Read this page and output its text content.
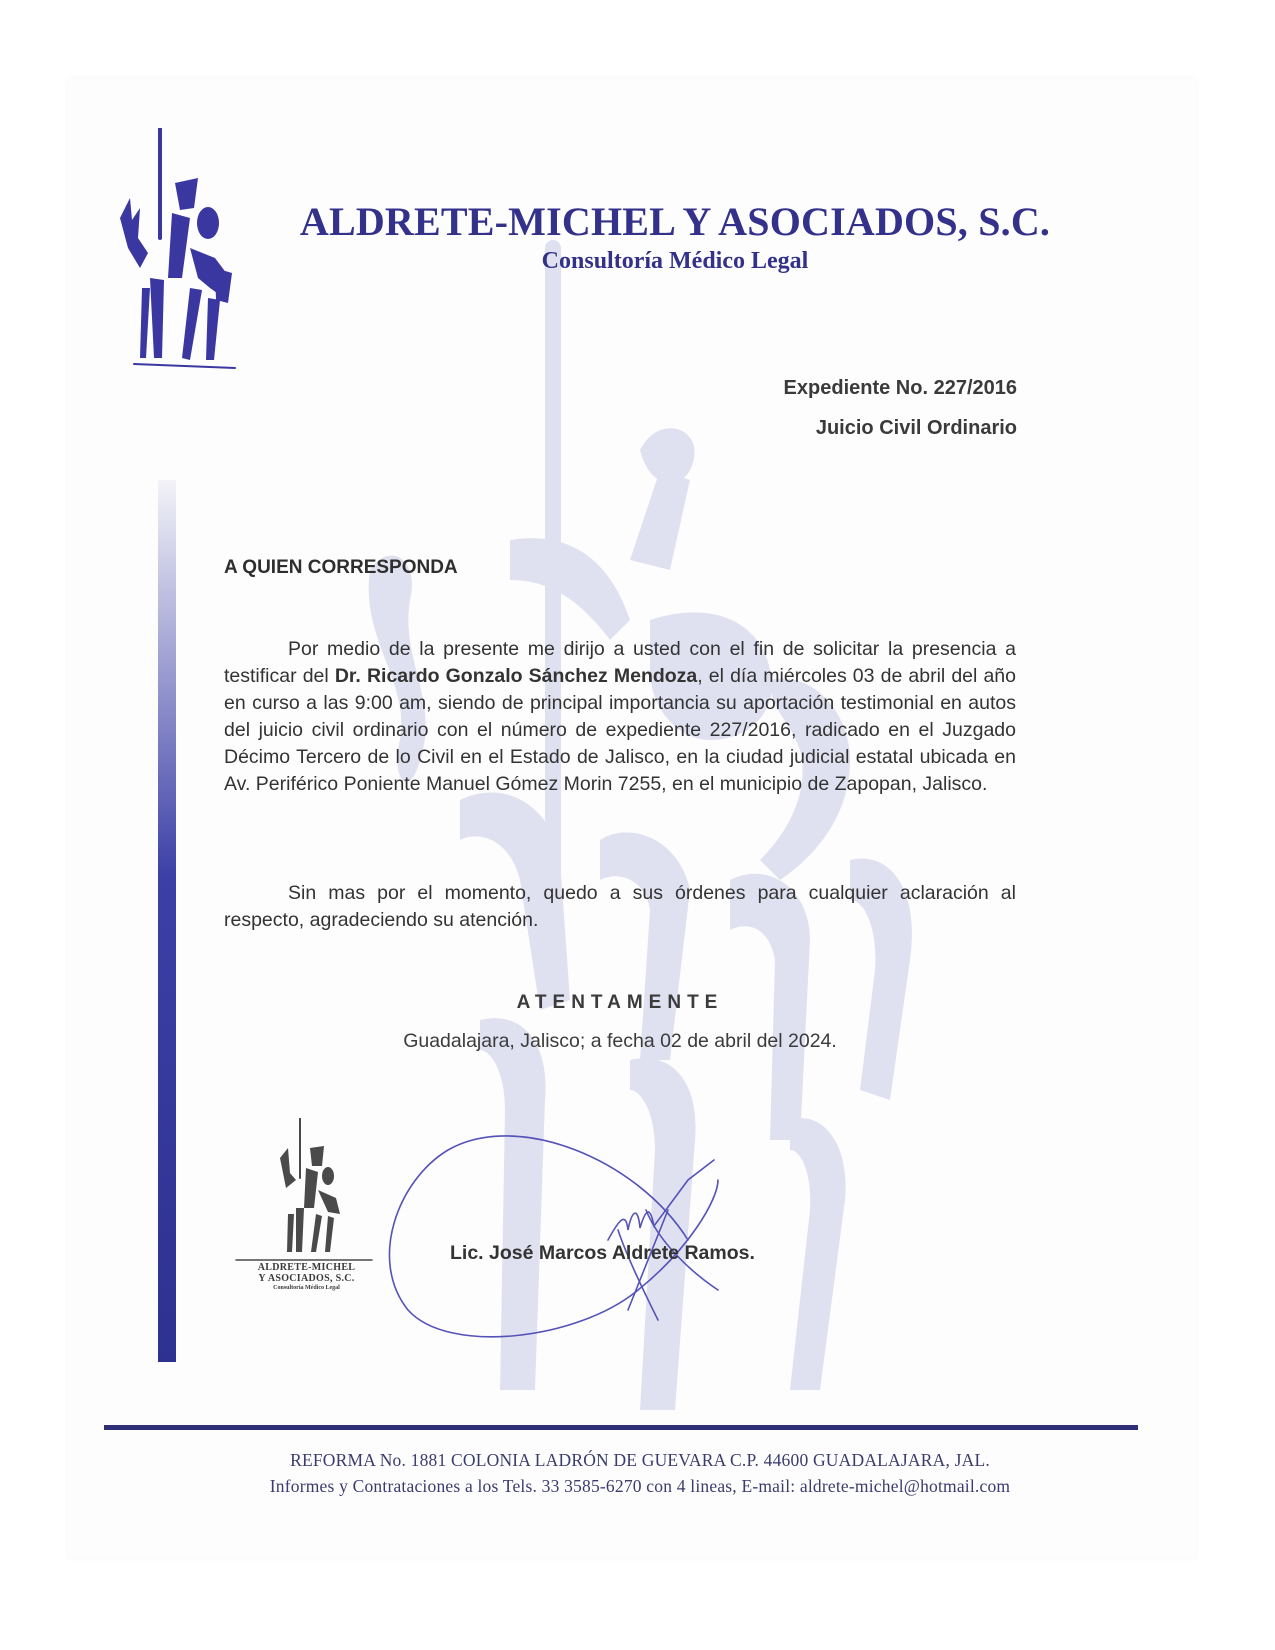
ALDRETE-MICHEL Y ASOCIADOS, S.C.
Consultoría Médico Legal
Expediente No. 227/2016
Juicio Civil Ordinario
A QUIEN CORRESPONDA
Por medio de la presente me dirijo a usted con el fin de solicitar la presencia a testificar del Dr. Ricardo Gonzalo Sánchez Mendoza, el día miércoles 03 de abril del año en curso a las 9:00 am, siendo de principal importancia su aportación testimonial en autos del juicio civil ordinario con el número de expediente 227/2016, radicado en el Juzgado Décimo Tercero de lo Civil en el Estado de Jalisco, en la ciudad judicial estatal ubicada en Av. Periférico Poniente Manuel Gómez Morin 7255, en el municipio de Zapopan, Jalisco.
Sin mas por el momento, quedo a sus órdenes para cualquier aclaración al respecto, agradeciendo su atención.
ATENTAMENTE
Guadalajara, Jalisco; a fecha 02 de abril del 2024.
ALDRETE-MICHEL
Y ASOCIADOS, S.C.
Consultoría Médico Legal
Lic. José Marcos Aldrete Ramos.
REFORMA No. 1881 COLONIA LADRÓN DE GUEVARA C.P. 44600 GUADALAJARA, JAL.
Informes y Contrataciones a los Tels. 33 3585-6270 con 4 lineas, E-mail: aldrete-michel@hotmail.com
